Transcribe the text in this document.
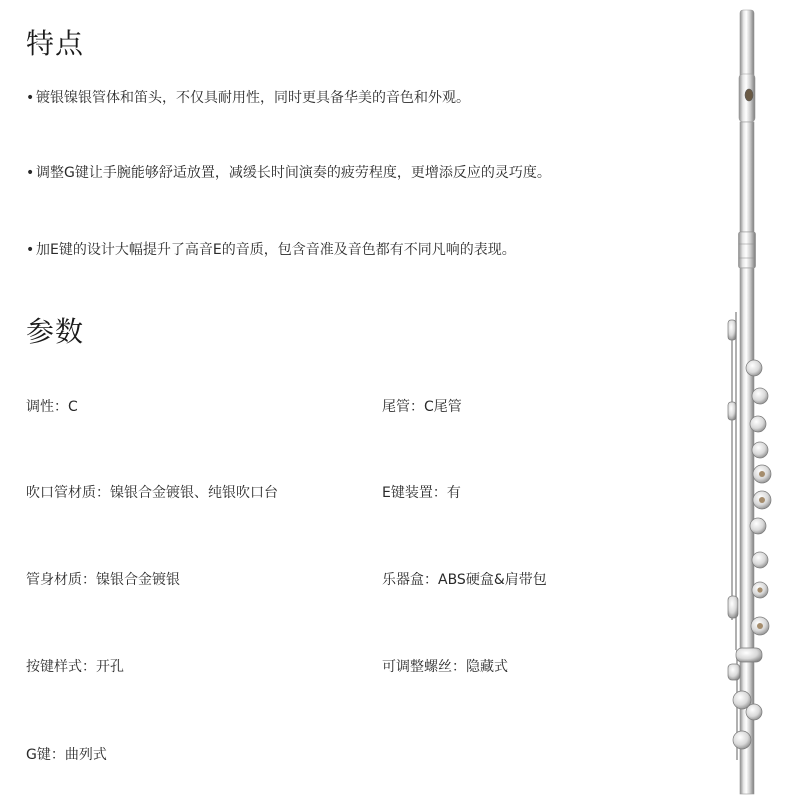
特点
• 镀银镍银管体和笛头，不仅具耐用性，同时更具备华美的音色和外观。
• 调整G键让手腕能够舒适放置，减缓长时间演奏的疲劳程度，更增添反应的灵巧度。
• 加E键的设计大幅提升了高音E的音质，包含音准及音色都有不同凡响的表现。
参数
调性：C	尾管：C尾管
吹口管材质：镍银合金镀银、纯银吹口台	E键装置：有
管身材质：镍银合金镀银	乐器盒：ABS硬盒&肩带包
按键样式：开孔	可调整螺丝：隐藏式
G键：曲列式
